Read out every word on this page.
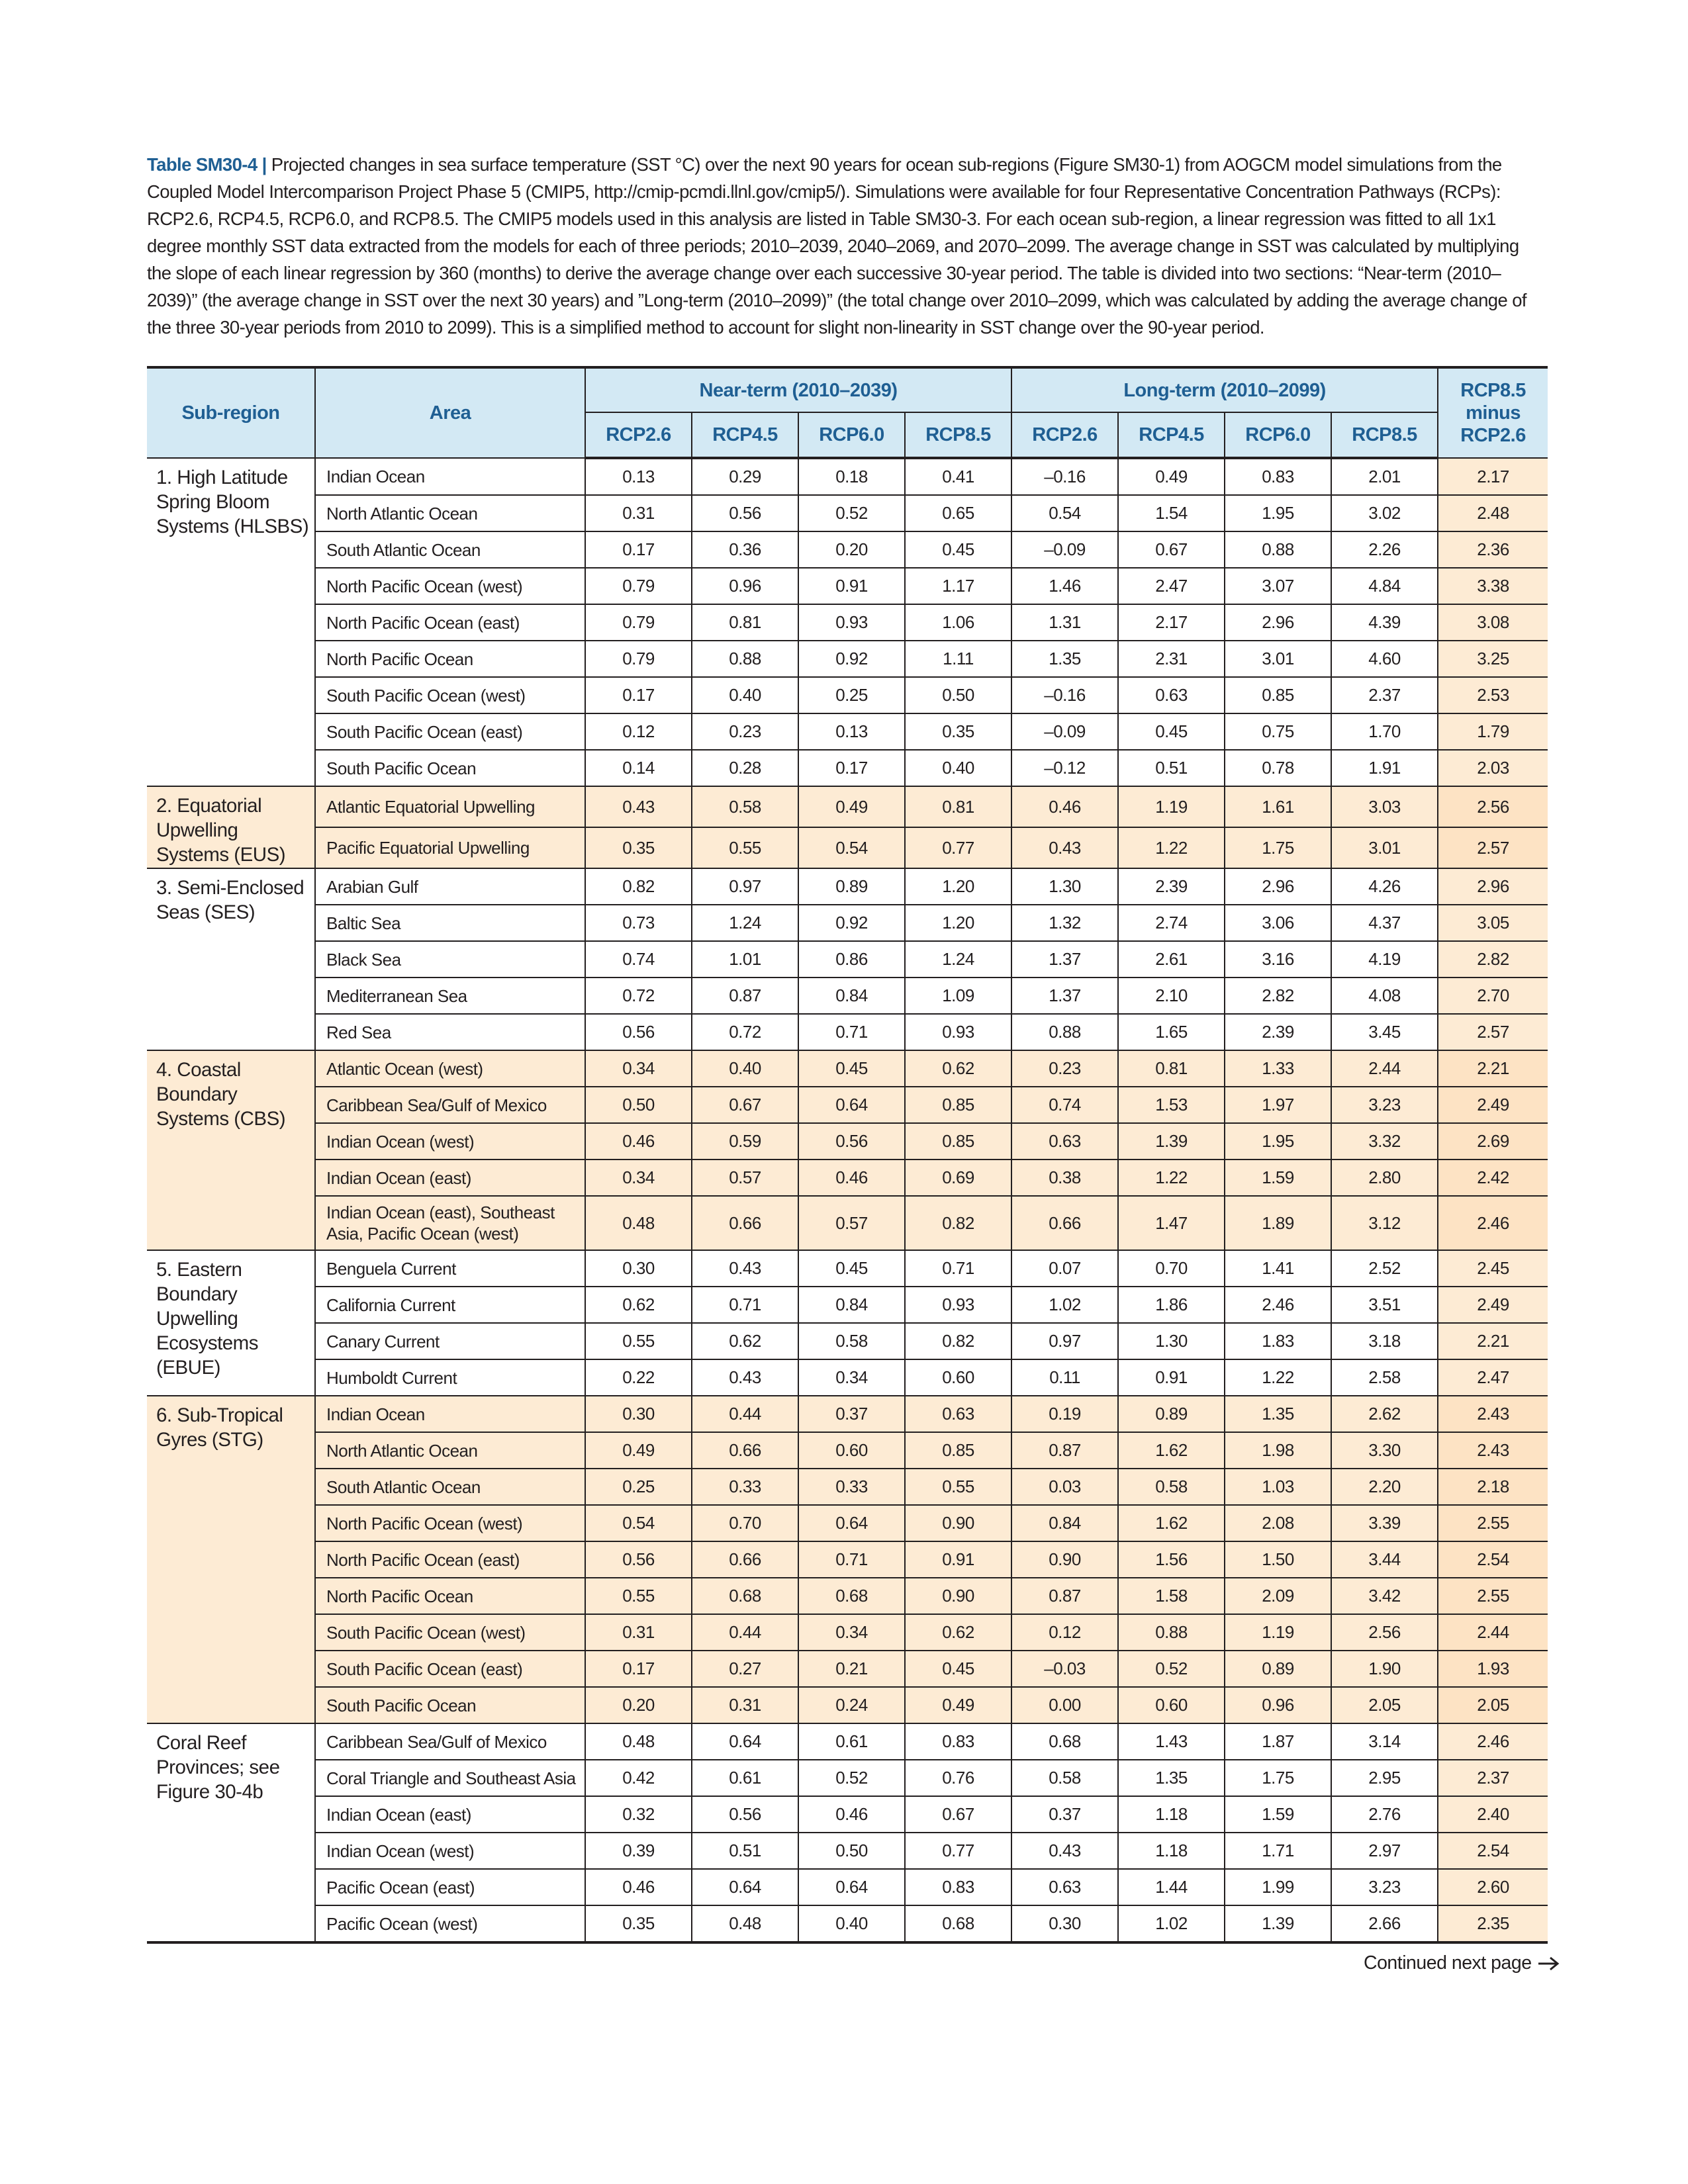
Table SM30-4 | Projected changes in sea surface temperature (SST °C) over the next 90 years for ocean sub-regions (Figure SM30-1) from AOGCM model simulations from the Coupled Model Intercomparison Project Phase 5 (CMIP5, http://cmip-pcmdi.llnl.gov/cmip5/). Simulations were available for four Representative Concentration Pathways (RCPs): RCP2.6, RCP4.5, RCP6.0, and RCP8.5. The CMIP5 models used in this analysis are listed in Table SM30-3. For each ocean sub-region, a linear regression was fitted to all 1x1 degree monthly SST data extracted from the models for each of three periods; 2010–2039, 2040–2069, and 2070–2099. The average change in SST was calculated by multiplying the slope of each linear regression by 360 (months) to derive the average change over each successive 30-year period. The table is divided into two sections: “Near-term (2010–2039)” (the average change in SST over the next 30 years) and ”Long-term (2010–2099)” (the total change over 2010–2099, which was calculated by adding the average change of the three 30-year periods from 2010 to 2099). This is a simplified method to account for slight non-linearity in SST change over the 90-year period.

Sub-region	Area	Near-term (2010–2039)				Long-term (2010–2099)				RCP8.5 minus RCP2.6
		RCP2.6	RCP4.5	RCP6.0	RCP8.5	RCP2.6	RCP4.5	RCP6.0	RCP8.5	
1. High Latitude Spring Bloom Systems (HLSBS)	Indian Ocean	0.13	0.29	0.18	0.41	–0.16	0.49	0.83	2.01	2.17
	North Atlantic Ocean	0.31	0.56	0.52	0.65	0.54	1.54	1.95	3.02	2.48
	South Atlantic Ocean	0.17	0.36	0.20	0.45	–0.09	0.67	0.88	2.26	2.36
	North Pacific Ocean (west)	0.79	0.96	0.91	1.17	1.46	2.47	3.07	4.84	3.38
	North Pacific Ocean (east)	0.79	0.81	0.93	1.06	1.31	2.17	2.96	4.39	3.08
	North Pacific Ocean	0.79	0.88	0.92	1.11	1.35	2.31	3.01	4.60	3.25
	South Pacific Ocean (west)	0.17	0.40	0.25	0.50	–0.16	0.63	0.85	2.37	2.53
	South Pacific Ocean (east)	0.12	0.23	0.13	0.35	–0.09	0.45	0.75	1.70	1.79
	South Pacific Ocean	0.14	0.28	0.17	0.40	–0.12	0.51	0.78	1.91	2.03
2. Equatorial Upwelling Systems (EUS)	Atlantic Equatorial Upwelling	0.43	0.58	0.49	0.81	0.46	1.19	1.61	3.03	2.56
	Pacific Equatorial Upwelling	0.35	0.55	0.54	0.77	0.43	1.22	1.75	3.01	2.57
3. Semi-Enclosed Seas (SES)	Arabian Gulf	0.82	0.97	0.89	1.20	1.30	2.39	2.96	4.26	2.96
	Baltic Sea	0.73	1.24	0.92	1.20	1.32	2.74	3.06	4.37	3.05
	Black Sea	0.74	1.01	0.86	1.24	1.37	2.61	3.16	4.19	2.82
	Mediterranean Sea	0.72	0.87	0.84	1.09	1.37	2.10	2.82	4.08	2.70
	Red Sea	0.56	0.72	0.71	0.93	0.88	1.65	2.39	3.45	2.57
4. Coastal Boundary Systems (CBS)	Atlantic Ocean (west)	0.34	0.40	0.45	0.62	0.23	0.81	1.33	2.44	2.21
	Caribbean Sea/Gulf of Mexico	0.50	0.67	0.64	0.85	0.74	1.53	1.97	3.23	2.49
	Indian Ocean (west)	0.46	0.59	0.56	0.85	0.63	1.39	1.95	3.32	2.69
	Indian Ocean (east)	0.34	0.57	0.46	0.69	0.38	1.22	1.59	2.80	2.42
	Indian Ocean (east), Southeast Asia, Pacific Ocean (west)	0.48	0.66	0.57	0.82	0.66	1.47	1.89	3.12	2.46
5. Eastern Boundary Upwelling Ecosystems (EBUE)	Benguela Current	0.30	0.43	0.45	0.71	0.07	0.70	1.41	2.52	2.45
	California Current	0.62	0.71	0.84	0.93	1.02	1.86	2.46	3.51	2.49
	Canary Current	0.55	0.62	0.58	0.82	0.97	1.30	1.83	3.18	2.21
	Humboldt Current	0.22	0.43	0.34	0.60	0.11	0.91	1.22	2.58	2.47
6. Sub-Tropical Gyres (STG)	Indian Ocean	0.30	0.44	0.37	0.63	0.19	0.89	1.35	2.62	2.43
	North Atlantic Ocean	0.49	0.66	0.60	0.85	0.87	1.62	1.98	3.30	2.43
	South Atlantic Ocean	0.25	0.33	0.33	0.55	0.03	0.58	1.03	2.20	2.18
	North Pacific Ocean (west)	0.54	0.70	0.64	0.90	0.84	1.62	2.08	3.39	2.55
	North Pacific Ocean (east)	0.56	0.66	0.71	0.91	0.90	1.56	1.50	3.44	2.54
	North Pacific Ocean	0.55	0.68	0.68	0.90	0.87	1.58	2.09	3.42	2.55
	South Pacific Ocean (west)	0.31	0.44	0.34	0.62	0.12	0.88	1.19	2.56	2.44
	South Pacific Ocean (east)	0.17	0.27	0.21	0.45	–0.03	0.52	0.89	1.90	1.93
	South Pacific Ocean	0.20	0.31	0.24	0.49	0.00	0.60	0.96	2.05	2.05
Coral Reef Provinces; see Figure 30-4b	Caribbean Sea/Gulf of Mexico	0.48	0.64	0.61	0.83	0.68	1.43	1.87	3.14	2.46
	Coral Triangle and Southeast Asia	0.42	0.61	0.52	0.76	0.58	1.35	1.75	2.95	2.37
	Indian Ocean (east)	0.32	0.56	0.46	0.67	0.37	1.18	1.59	2.76	2.40
	Indian Ocean (west)	0.39	0.51	0.50	0.77	0.43	1.18	1.71	2.97	2.54
	Pacific Ocean (east)	0.46	0.64	0.64	0.83	0.63	1.44	1.99	3.23	2.60
	Pacific Ocean (west)	0.35	0.48	0.40	0.68	0.30	1.02	1.39	2.66	2.35
Continued next page
